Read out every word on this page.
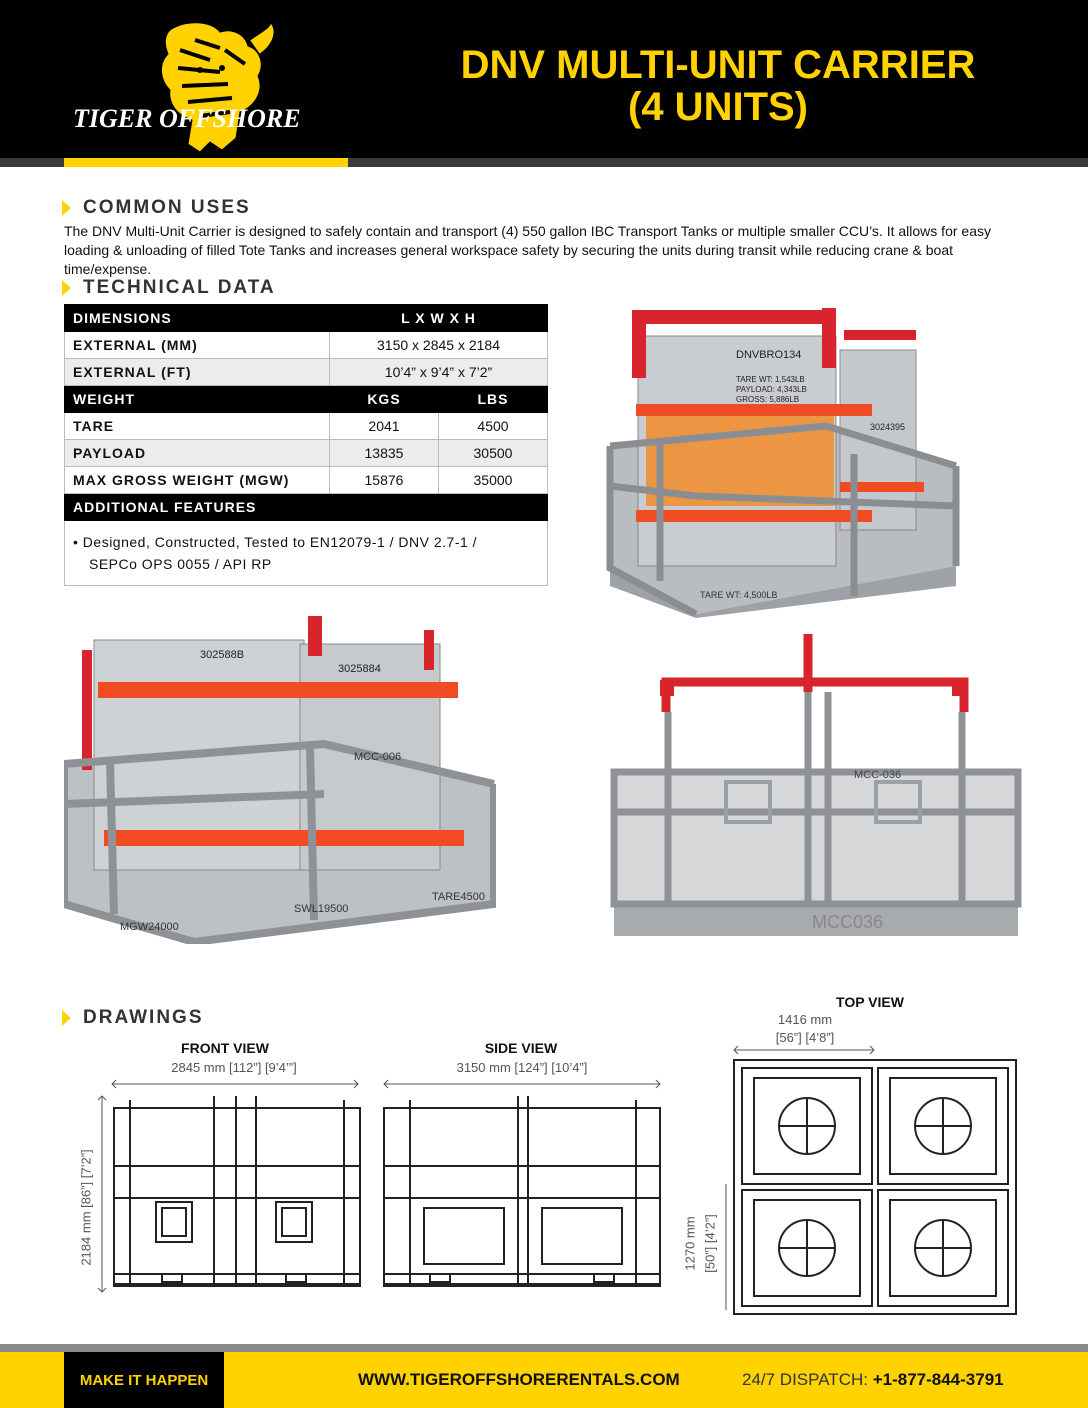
TIGER OFFSHORE
DNV MULTI-UNIT CARRIER
(4 UNITS)
COMMON USES
The DNV Multi-Unit Carrier is designed to safely contain and transport (4) 550 gallon IBC Transport Tanks or multiple smaller CCU’s. It allows for easy loading & unloading of filled Tote Tanks and increases general workspace safety by securing the units during transit while reducing crane & boat time/expense.
TECHNICAL DATA
DIMENSIONS	L X W X H	
EXTERNAL (MM)	3150 x 2845 x 2184	
EXTERNAL (FT)	10’4” x 9’4” x 7’2”	
WEIGHT	KGS	LBS
TARE	2041	4500
PAYLOAD	13835	30500
MAX GROSS WEIGHT (MGW)	15876	35000
ADDITIONAL FEATURES		

• Designed, Constructed, Tested to EN12079-1 / DNV 2.7-1 /
SEPCo OPS 0055 / API RP		
DNVBRO134
TARE WT: 1,543LB
PAYLOAD: 4,343LB
GROSS: 5,886LB
3024395
TARE WT: 4,500LB
302588B
3025884
MCC-006
MGW24000
SWL19500
TARE4500
MCC-036
MCC036
DRAWINGS
FRONT VIEW
2845 mm [112”] [9’4’”]
SIDE VIEW
3150 mm [124”] [10’4”]
TOP VIEW
1416 mm
[56”] [4’8”]
2184 mm [86”] [7’2”]	1270 mm [50”] [4’2”]
MAKE IT HAPPEN	WWW.TIGEROFFSHORERENTALS.COM	24/7 DISPATCH: +1-877-844-3791
